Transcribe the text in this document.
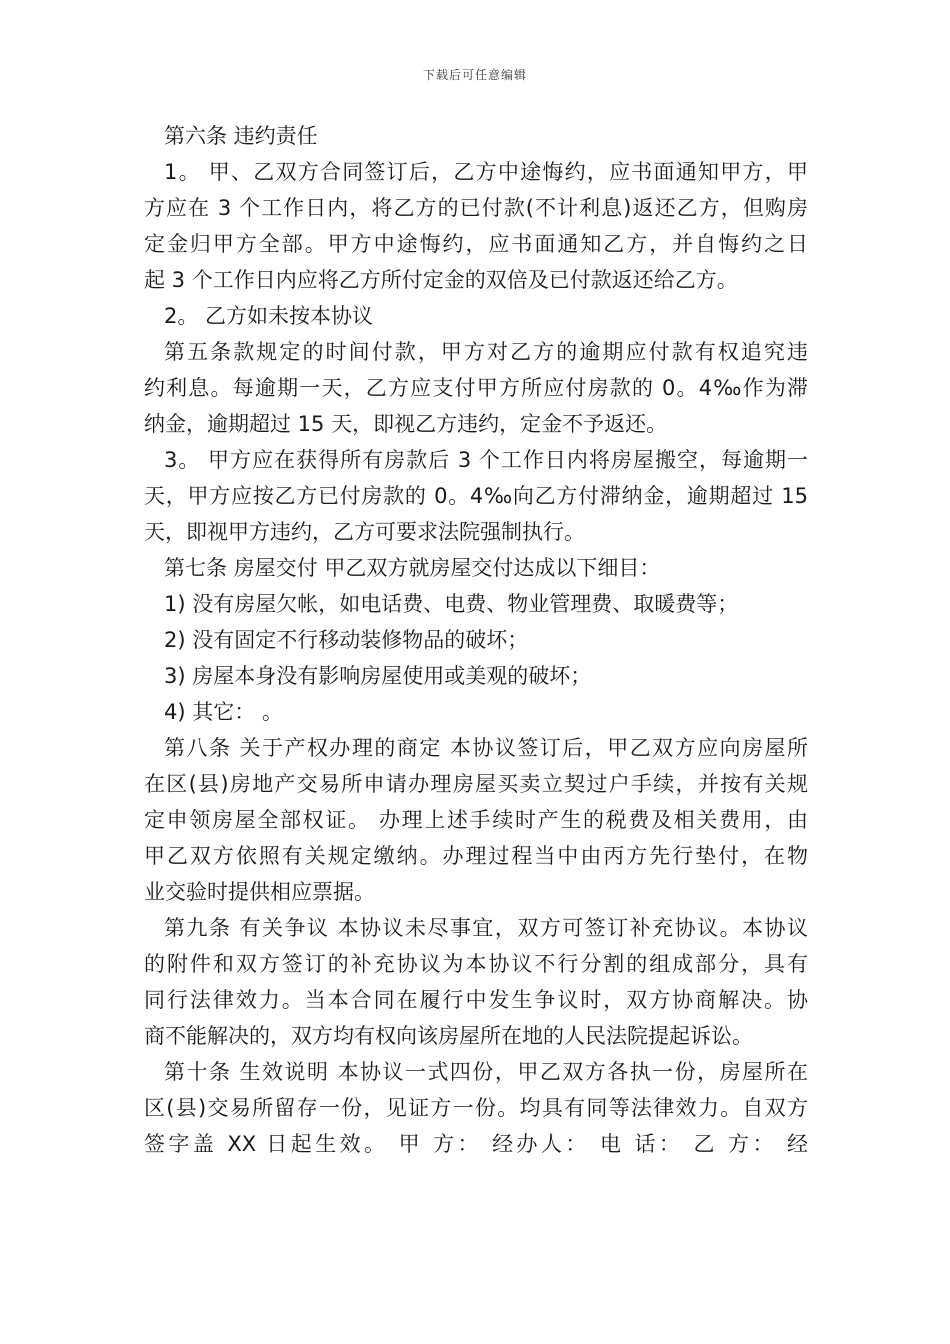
下载后可任意编辑
第六条 违约责任
1。 甲、乙双方合同签订后，乙方中途悔约，应书面通知甲方，甲
方应在 3 个工作日内，将乙方的已付款(不计利息)返还乙方，但购房
定金归甲方全部。甲方中途悔约，应书面通知乙方，并自悔约之日
起 3 个工作日内应将乙方所付定金的双倍及已付款返还给乙方。
2。 乙方如未按本协议
第五条款规定的时间付款，甲方对乙方的逾期应付款有权追究违
约利息。每逾期一天，乙方应支付甲方所应付房款的 0。4‰作为滞
纳金，逾期超过 15 天，即视乙方违约，定金不予返还。
3。 甲方应在获得所有房款后 3 个工作日内将房屋搬空，每逾期一
天，甲方应按乙方已付房款的 0。4‰向乙方付滞纳金，逾期超过 15
天，即视甲方违约，乙方可要求法院强制执行。
第七条 房屋交付 甲乙双方就房屋交付达成以下细目：
1) 没有房屋欠帐，如电话费、电费、物业管理费、取暖费等；
2) 没有固定不行移动装修物品的破坏；
3) 房屋本身没有影响房屋使用或美观的破坏；
4) 其它： 。
第八条 关于产权办理的商定 本协议签订后，甲乙双方应向房屋所
在区(县)房地产交易所申请办理房屋买卖立契过户手续，并按有关规
定申领房屋全部权证。 办理上述手续时产生的税费及相关费用，由
甲乙双方依照有关规定缴纳。办理过程当中由丙方先行垫付，在物
业交验时提供相应票据。
第九条 有关争议 本协议未尽事宜，双方可签订补充协议。本协议
的附件和双方签订的补充协议为本协议不行分割的组成部分，具有
同行法律效力。当本合同在履行中发生争议时，双方协商解决。协
商不能解决的，双方均有权向该房屋所在地的人民法院提起诉讼。
第十条 生效说明 本协议一式四份，甲乙双方各执一份，房屋所在
区(县)交易所留存一份，见证方一份。均具有同等法律效力。自双方
签字盖 XX 日起生效。 甲 方： 经办人： 电 话： 乙 方： 经
